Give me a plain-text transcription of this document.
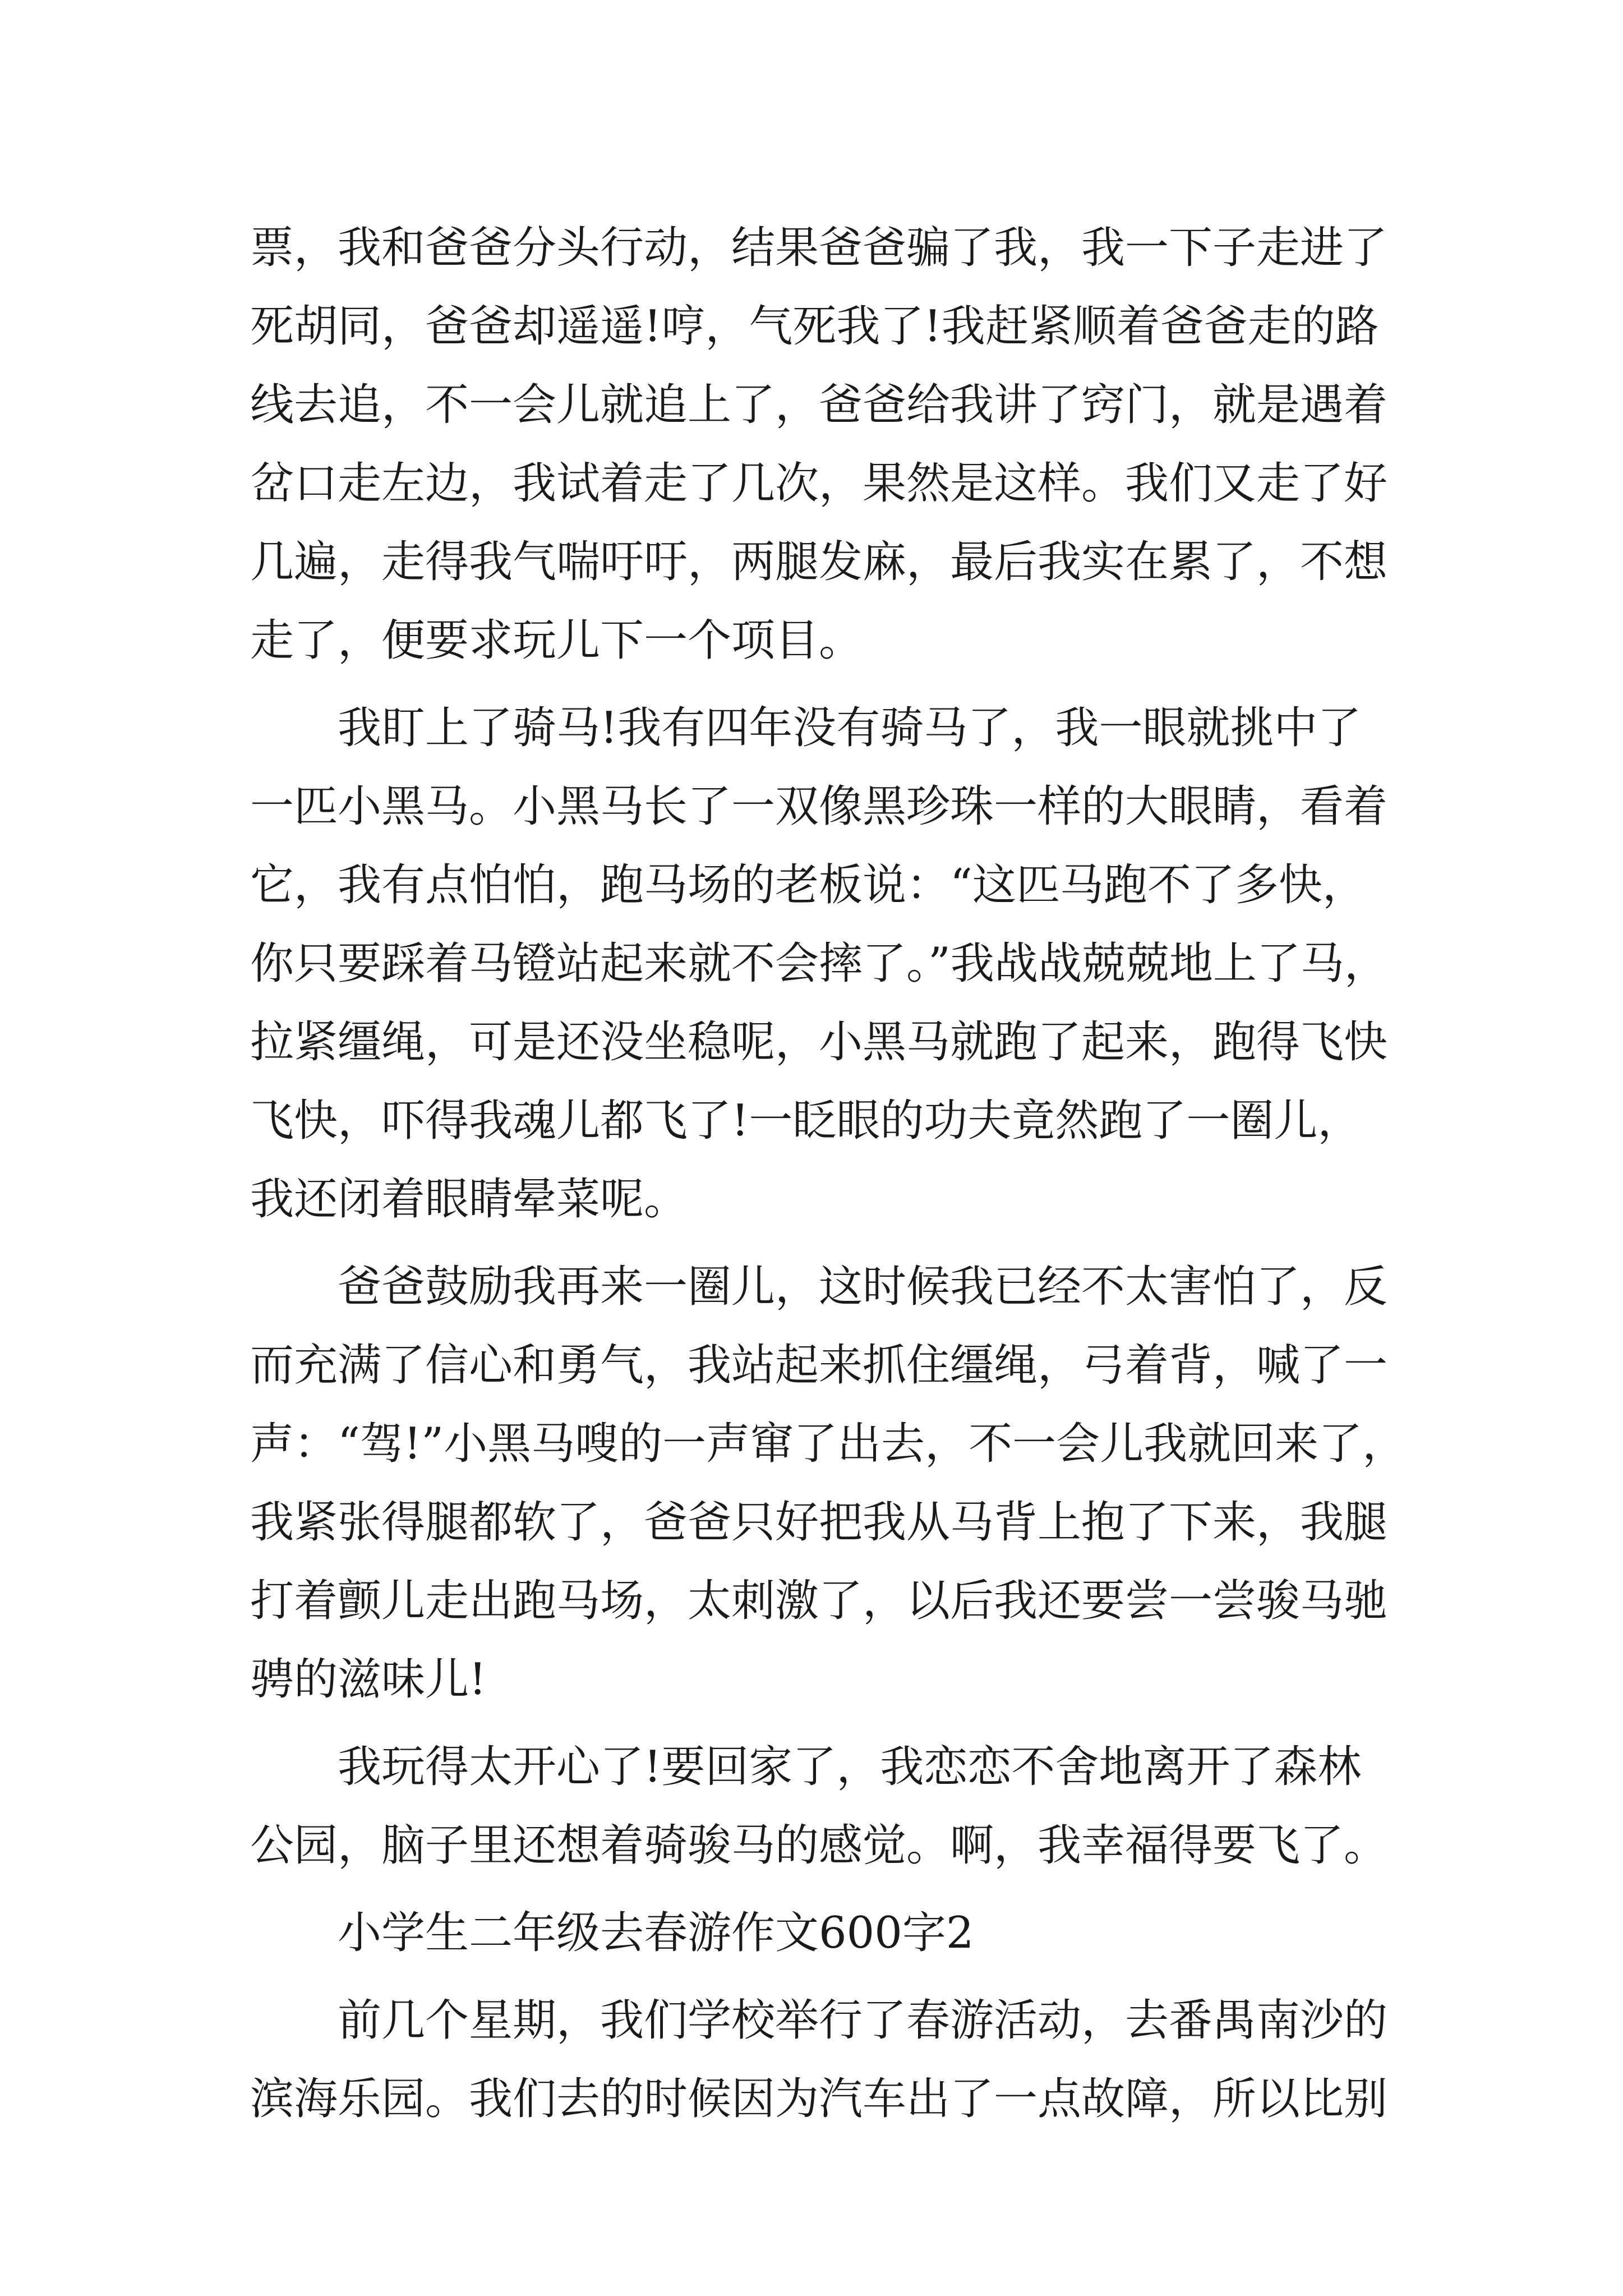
票，我和爸爸分头行动，结果爸爸骗了我，我一下子走进了
死胡同，爸爸却遥遥!哼，气死我了!我赶紧顺着爸爸走的路
线去追，不一会儿就追上了，爸爸给我讲了窍门，就是遇着
岔口走左边，我试着走了几次，果然是这样。我们又走了好
几遍，走得我气喘吁吁，两腿发麻，最后我实在累了，不想
走了，便要求玩儿下一个项目。
　　我盯上了骑马!我有四年没有骑马了，我一眼就挑中了
一匹小黑马。小黑马长了一双像黑珍珠一样的大眼睛，看着
它，我有点怕怕，跑马场的老板说：“这匹马跑不了多快，
你只要踩着马镫站起来就不会摔了。”我战战兢兢地上了马，
拉紧缰绳，可是还没坐稳呢，小黑马就跑了起来，跑得飞快
飞快，吓得我魂儿都飞了!一眨眼的功夫竟然跑了一圈儿，
我还闭着眼睛晕菜呢。
　　爸爸鼓励我再来一圈儿，这时候我已经不太害怕了，反
而充满了信心和勇气，我站起来抓住缰绳，弓着背，喊了一
声：“驾!”小黑马嗖的一声窜了出去，不一会儿我就回来了，
我紧张得腿都软了，爸爸只好把我从马背上抱了下来，我腿
打着颤儿走出跑马场，太刺激了，以后我还要尝一尝骏马驰
骋的滋味儿!
　　我玩得太开心了!要回家了，我恋恋不舍地离开了森林
公园，脑子里还想着骑骏马的感觉。啊，我幸福得要飞了。
　　小学生二年级去春游作文600字2
　　前几个星期，我们学校举行了春游活动，去番禺南沙的
滨海乐园。我们去的时候因为汽车出了一点故障，所以比别
